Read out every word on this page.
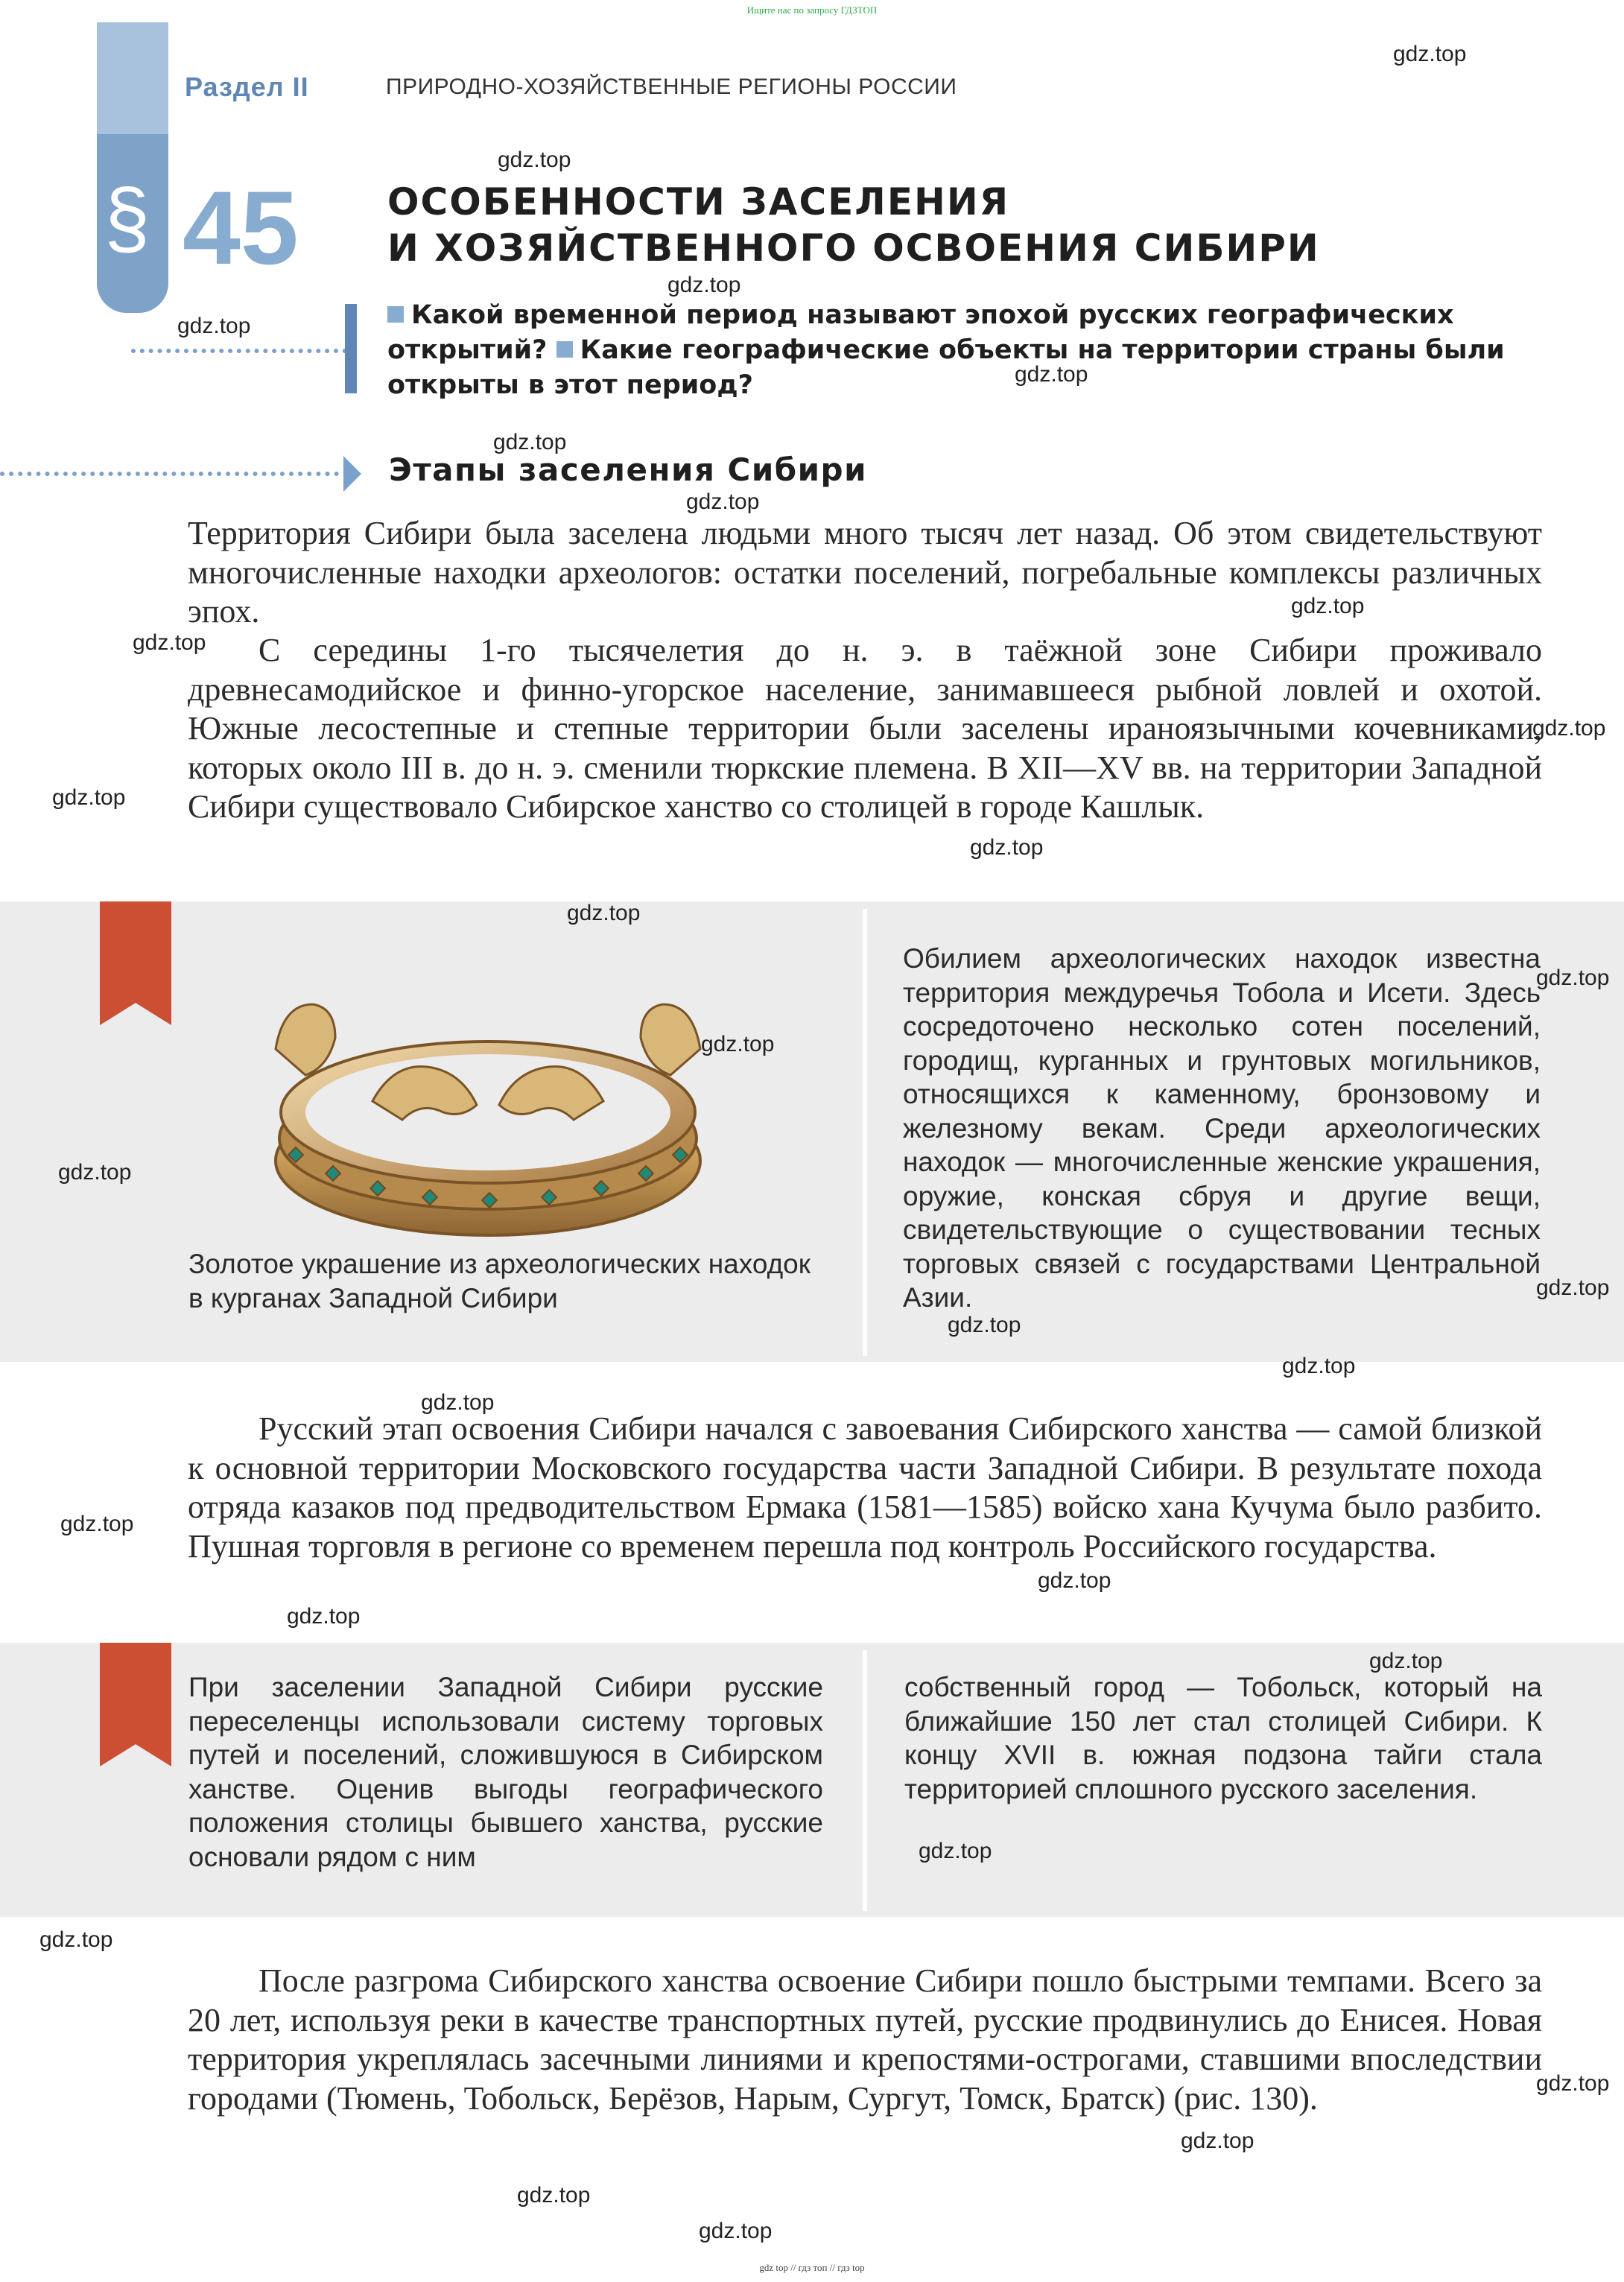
Ищите нас по запросу ГДЗТОП
gdz top // гдз топ // гдз top
Раздел II	ПРИРОДНО-ХОЗЯЙСТВЕННЫЕ РЕГИОНЫ РОССИИ
§ 45 ОСОБЕННОСТИ ЗАСЕЛЕНИЯ
И ХОЗЯЙСТВЕННОГО ОСВОЕНИЯ СИБИРИ
Какой временной период называют эпохой русских географических открытий? Какие географические объекты на территории страны были открыты в этот период?
Этапы заселения Сибири
Территория Сибири была заселена людьми много тысяч лет назад. Об этом свидетельствуют многочисленные находки археологов: остатки поселений, погребальные комплексы различных эпох.
С середины 1-го тысячелетия до н. э. в таёжной зоне Сибири проживало древнесамодийское и финно-угорское население, занимавшееся рыбной ловлей и охотой. Южные лесостепные и степные территории были заселены ираноязычными кочевниками, которых около III в. до н. э. сменили тюркские племена. В XII—XV вв. на территории Западной Сибири существовало Сибирское ханство со столицей в городе Кашлык.
Золотое украшение из археологических находок в курганах Западной Сибири
Обилием археологических находок известна территория междуречья Тобола и Исети. Здесь сосредоточено несколько сотен поселений, городищ, курганных и грунтовых могильников, относящихся к каменному, бронзовому и железному векам. Среди археологических находок — многочисленные женские украшения, оружие, конская сбруя и другие вещи, свидетельствующие о существовании тесных торговых связей с государствами Центральной Азии.
Русский этап освоения Сибири начался с завоевания Сибирского ханства — самой близкой к основной территории Московского государства части Западной Сибири. В результате похода отряда казаков под предводительством Ермака (1581—1585) войско хана Кучума было разбито. Пушная торговля в регионе со временем перешла под контроль Российского государства.
При заселении Западной Сибири русские переселенцы использовали систему торговых путей и поселений, сложившуюся в Сибирском ханстве. Оценив выгоды географического положения столицы бывшего ханства, русские основали рядом с ним
собственный город — Тобольск, который на ближайшие 150 лет стал столицей Сибири. К концу XVII в. южная подзона тайги стала территорией сплошного русского заселения.
После разгрома Сибирского ханства освоение Сибири пошло быстрыми темпами. Всего за 20 лет, используя реки в качестве транспортных путей, русские продвинулись до Енисея. Новая территория укреплялась засечными линиями и крепостями-острогами, ставшими впоследствии городами (Тюмень, Тобольск, Берёзов, Нарым, Сургут, Томск, Братск) (рис. 130).
gdz.top
gdz.top
gdz.top
gdz.top
gdz.top
gdz.top
gdz.top
gdz.top
gdz.top
gdz.top
gdz.top
gdz.top
gdz.top
gdz.top
gdz.top
gdz.top
gdz.top
gdz.top
gdz.top
gdz.top
gdz.top
gdz.top
gdz.top
gdz.top
gdz.top
gdz.top
gdz.top
gdz.top
gdz.top
gdz.top
